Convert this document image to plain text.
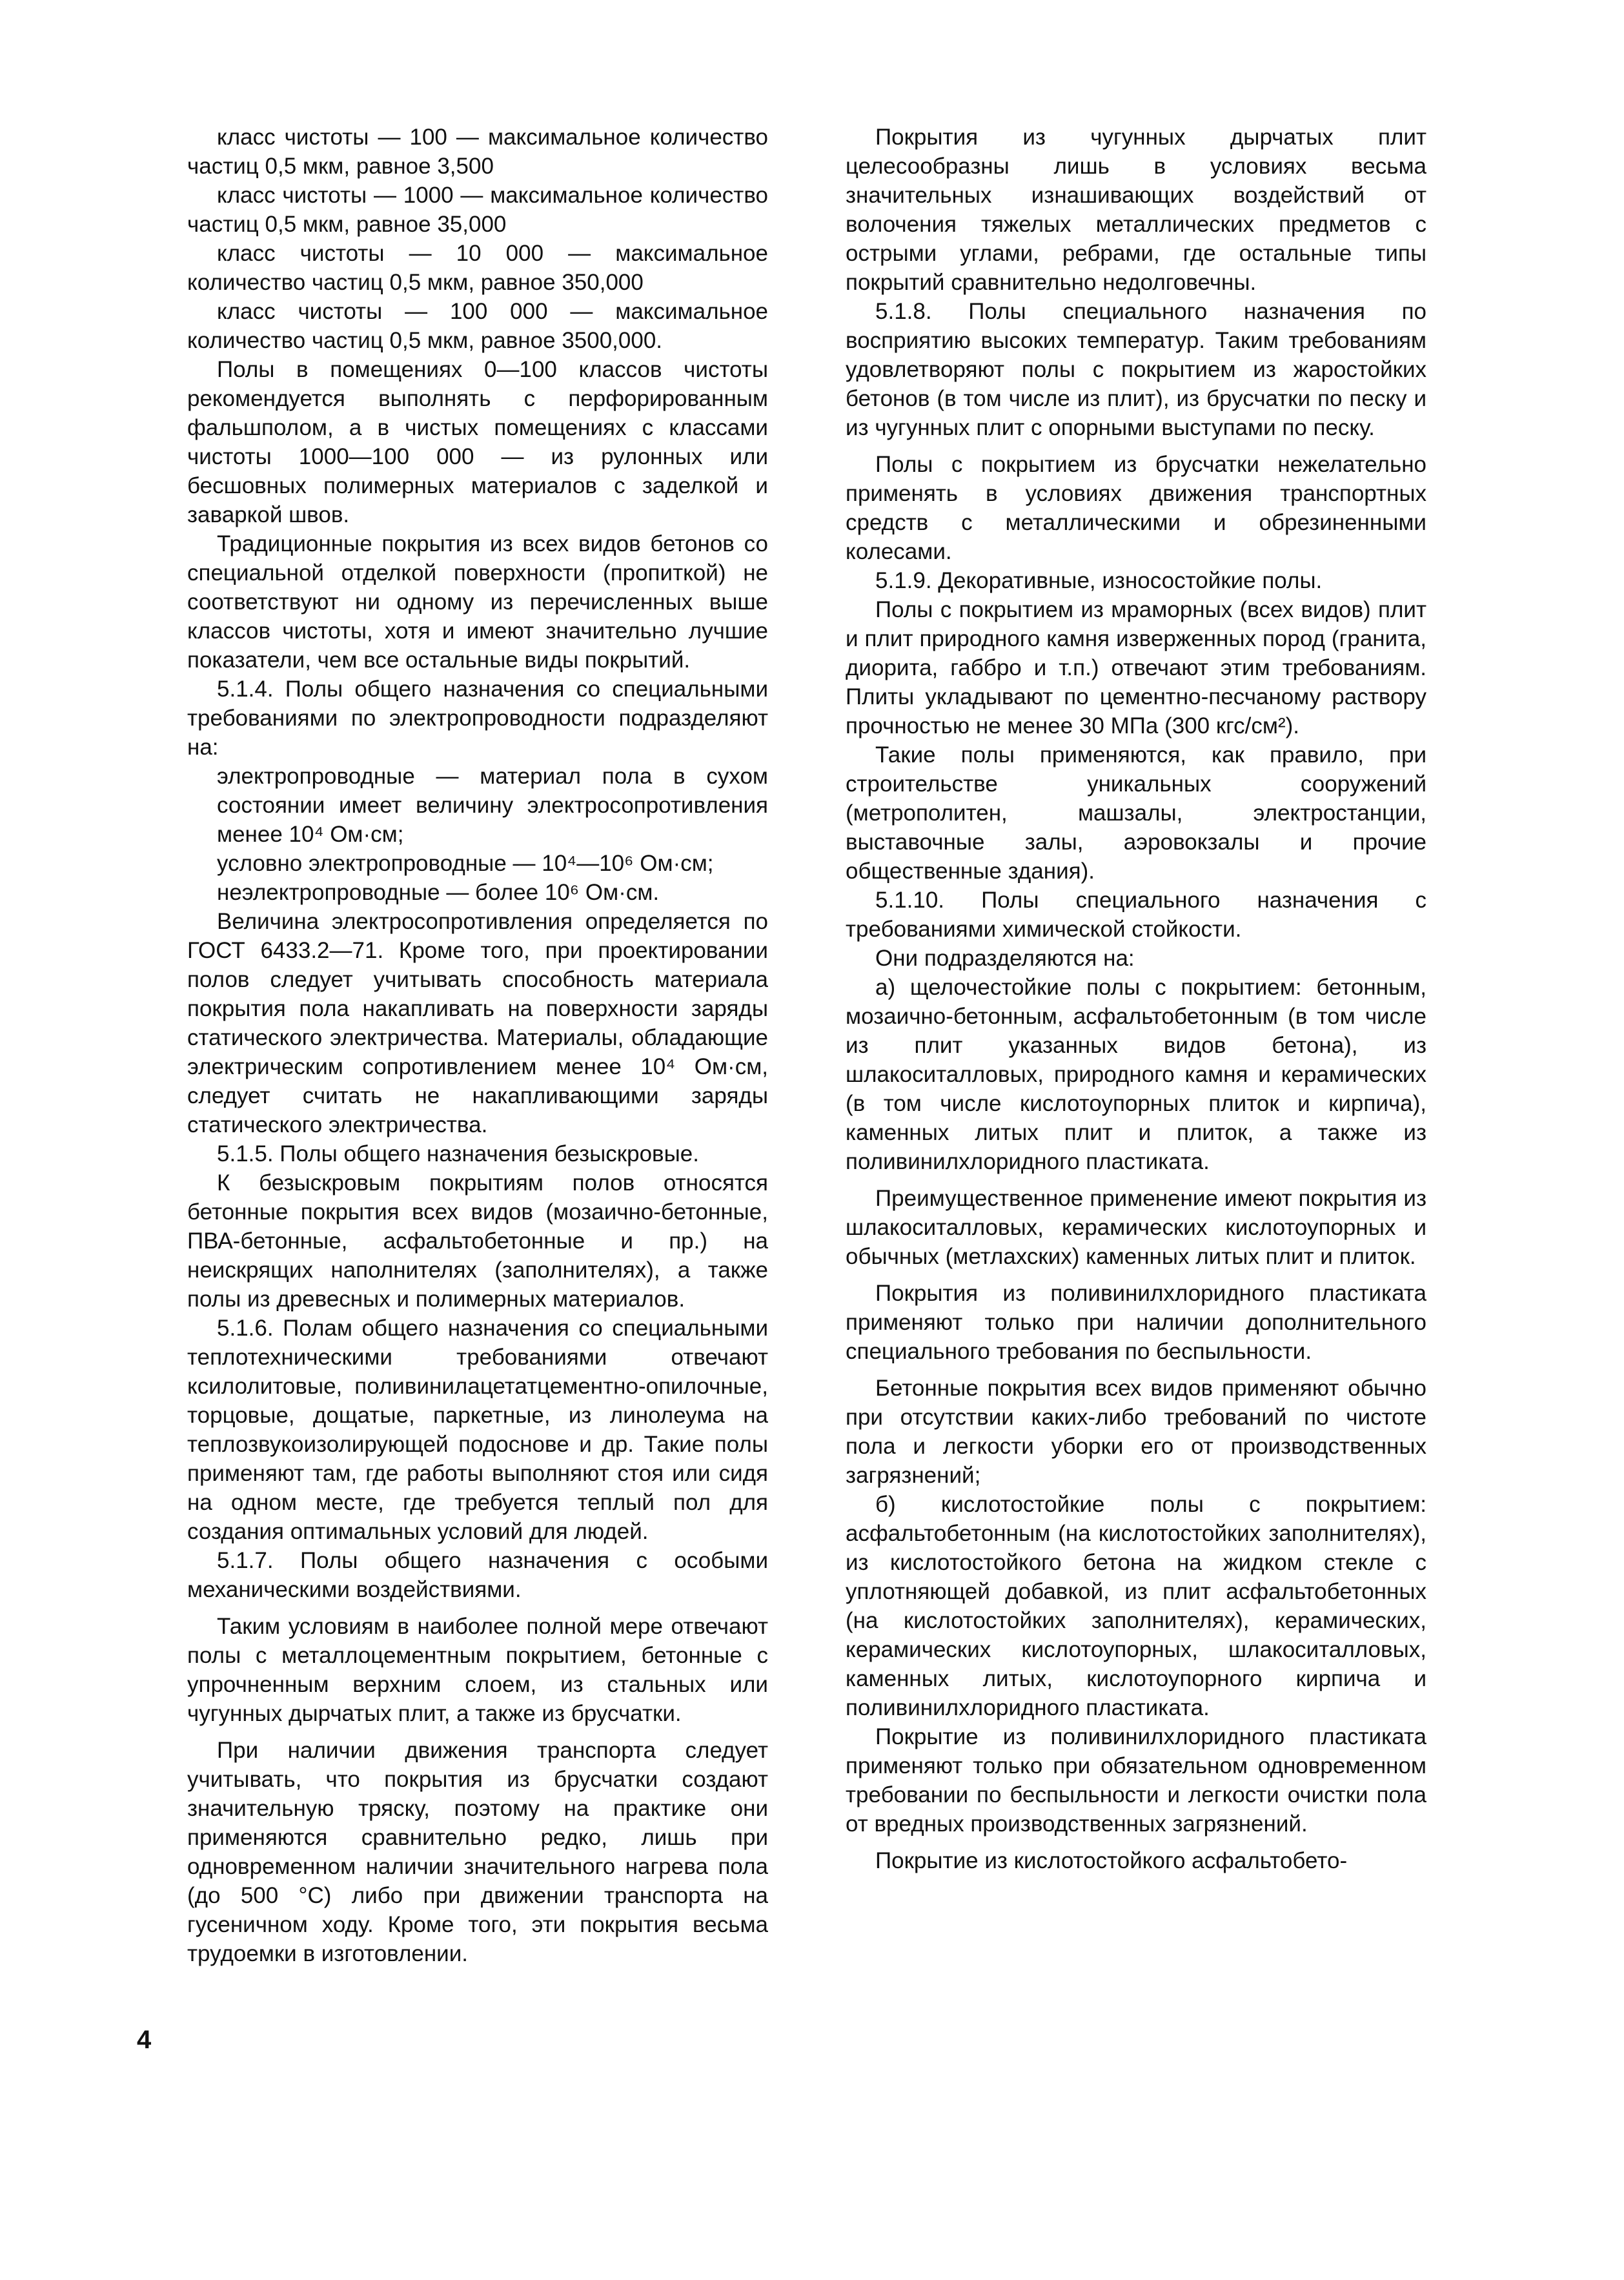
класс чистоты — 100 — максимальное количество частиц 0,5 мкм, равное 3,500

класс чистоты — 1000 — максимальное количество частиц 0,5 мкм, равное 35,000

класс чистоты — 10 000 — максимальное количество частиц 0,5 мкм, равное 350,000

класс чистоты — 100 000 — максимальное количество частиц 0,5 мкм, равное 3500,000.

Полы в помещениях 0—100 классов чистоты рекомендуется выполнять с перфорированным фальшполом, а в чистых помещениях с классами чистоты 1000—100 000 — из рулонных или бесшовных полимерных материалов с заделкой и заваркой швов.

Традиционные покрытия из всех видов бетонов со специальной отделкой поверхности (пропиткой) не соответствуют ни одному из перечисленных выше классов чистоты, хотя и имеют значительно лучшие показатели, чем все остальные виды покрытий.

5.1.4. Полы общего назначения со специальными требованиями по электропроводности подразделяют на:

электропроводные — материал пола в сухом состоянии имеет величину электросопротивления менее 10⁴ Ом·см;

условно электропроводные — 10⁴—10⁶ Ом·см;

неэлектропроводные — более 10⁶ Ом·см.

Величина электросопротивления определяется по ГОСТ 6433.2—71. Кроме того, при проектировании полов следует учитывать способность материала покрытия пола накапливать на поверхности заряды статического электричества. Материалы, обладающие электрическим сопротивлением менее 10⁴ Ом·см, следует считать не накапливающими заряды статического электричества.

5.1.5. Полы общего назначения безыскровые.

К безыскровым покрытиям полов относятся бетонные покрытия всех видов (мозаично-бетонные, ПВА-бетонные, асфальтобетонные и пр.) на неискрящих наполнителях (заполнителях), а также полы из древесных и полимерных материалов.

5.1.6. Полам общего назначения со специальными теплотехническими требованиями отвечают ксилолитовые, поливинилацетатцементно-опилочные, торцовые, дощатые, паркетные, из линолеума на теплозвукоизолирующей подоснове и др. Такие полы применяют там, где работы выполняют стоя или сидя на одном месте, где требуется теплый пол для создания оптимальных условий для людей.

5.1.7. Полы общего назначения с особыми механическими воздействиями.

Таким условиям в наиболее полной мере отвечают полы с металлоцементным покрытием, бетонные с упрочненным верхним слоем, из стальных или чугунных дырчатых плит, а также из брусчатки.

При наличии движения транспорта следует учитывать, что покрытия из брусчатки создают значительную тряску, поэтому на практике они применяются сравнительно редко, лишь при одновременном наличии значительного нагрева пола (до 500 °С) либо при движении транспорта на гусеничном ходу. Кроме того, эти покрытия весьма трудоемки в изготовлении.

Покрытия из чугунных дырчатых плит целесообразны лишь в условиях весьма значительных изнашивающих воздействий от волочения тяжелых металлических предметов с острыми углами, ребрами, где остальные типы покрытий сравнительно недолговечны.

5.1.8. Полы специального назначения по восприятию высоких температур. Таким требованиям удовлетворяют полы с покрытием из жаростойких бетонов (в том числе из плит), из брусчатки по песку и из чугунных плит с опорными выступами по песку.

Полы с покрытием из брусчатки нежелательно применять в условиях движения транспортных средств с металлическими и обрезиненными колесами.

5.1.9. Декоративные, износостойкие полы.

Полы с покрытием из мраморных (всех видов) плит и плит природного камня изверженных пород (гранита, диорита, габбро и т.п.) отвечают этим требованиям. Плиты укладывают по цементно-песчаному раствору прочностью не менее 30 МПа (300 кгс/см²).

Такие полы применяются, как правило, при строительстве уникальных сооружений (метрополитен, машзалы, электростанции, выставочные залы, аэровокзалы и прочие общественные здания).

5.1.10. Полы специального назначения с требованиями химической стойкости.

Они подразделяются на:

а) щелочестойкие полы с покрытием: бетонным, мозаично-бетонным, асфальтобетонным (в том числе из плит указанных видов бетона), из шлакоситалловых, природного камня и керамических (в том числе кислотоупорных плиток и кирпича), каменных литых плит и плиток, а также из поливинилхлоридного пластиката.

Преимущественное применение имеют покрытия из шлакоситалловых, керамических кислотоупорных и обычных (метлахских) каменных литых плит и плиток.

Покрытия из поливинилхлоридного пластиката применяют только при наличии дополнительного специального требования по беспыльности.

Бетонные покрытия всех видов применяют обычно при отсутствии каких-либо требований по чистоте пола и легкости уборки его от производственных загрязнений;

б) кислотостойкие полы с покрытием: асфальтобетонным (на кислотостойких заполнителях), из кислотостойкого бетона на жидком стекле с уплотняющей добавкой, из плит асфальтобетонных (на кислотостойких заполнителях), керамических, керамических кислотоупорных, шлакоситалловых, каменных литых, кислотоупорного кирпича и поливинилхлоридного пластиката.

Покрытие из поливинилхлоридного пластиката применяют только при обязательном одновременном требовании по беспыльности и легкости очистки пола от вредных производственных загрязнений.

Покрытие из кислотостойкого асфальтобето-

4
